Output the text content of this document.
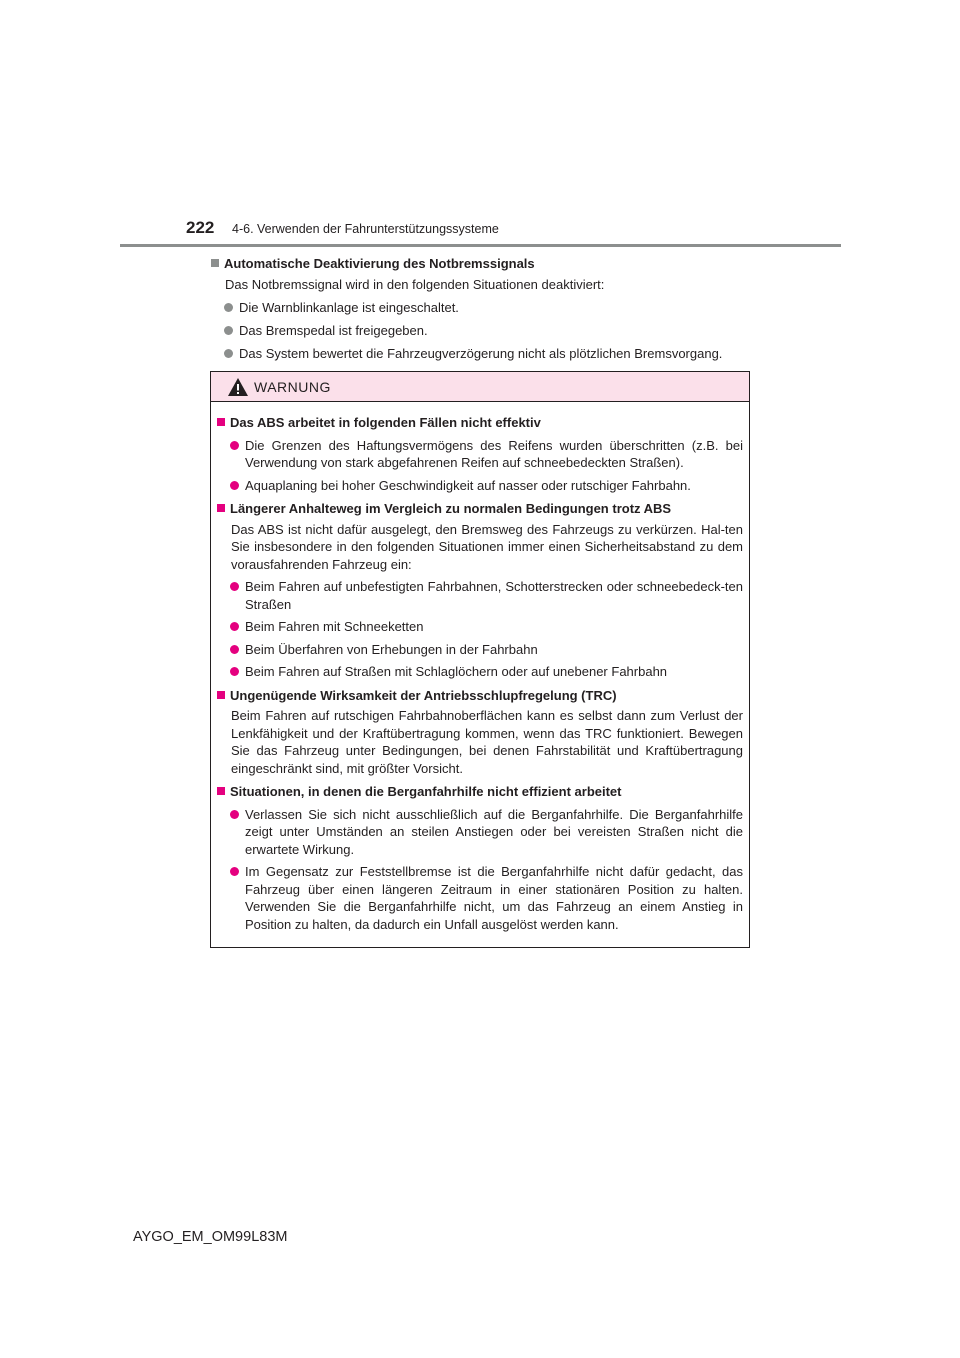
222 4-6. Verwenden der Fahrunterstützungssysteme
Automatische Deaktivierung des Notbremssignals
Das Notbremssignal wird in den folgenden Situationen deaktiviert:
Die Warnblinkanlage ist eingeschaltet.
Das Bremspedal ist freigegeben.
Das System bewertet die Fahrzeugverzögerung nicht als plötzlichen Bremsvorgang.
WARNUNG
Das ABS arbeitet in folgenden Fällen nicht effektiv
Die Grenzen des Haftungsvermögens des Reifens wurden überschritten (z.B. bei Verwendung von stark abgefahrenen Reifen auf schneebedeckten Straßen).
Aquaplaning bei hoher Geschwindigkeit auf nasser oder rutschiger Fahrbahn.
Längerer Anhalteweg im Vergleich zu normalen Bedingungen trotz ABS
Das ABS ist nicht dafür ausgelegt, den Bremsweg des Fahrzeugs zu verkürzen. Hal-ten Sie insbesondere in den folgenden Situationen immer einen Sicherheitsabstand zu dem vorausfahrenden Fahrzeug ein:
Beim Fahren auf unbefestigten Fahrbahnen, Schotterstrecken oder schneebedeck-ten Straßen
Beim Fahren mit Schneeketten
Beim Überfahren von Erhebungen in der Fahrbahn
Beim Fahren auf Straßen mit Schlaglöchern oder auf unebener Fahrbahn
Ungenügende Wirksamkeit der Antriebsschlupfregelung (TRC)
Beim Fahren auf rutschigen Fahrbahnoberflächen kann es selbst dann zum Verlust der Lenkfähigkeit und der Kraftübertragung kommen, wenn das TRC funktioniert. Bewegen Sie das Fahrzeug unter Bedingungen, bei denen Fahrstabilität und Kraftübertragung eingeschränkt sind, mit größter Vorsicht.
Situationen, in denen die Berganfahrhilfe nicht effizient arbeitet
Verlassen Sie sich nicht ausschließlich auf die Berganfahrhilfe. Die Berganfahrhilfe zeigt unter Umständen an steilen Anstiegen oder bei vereisten Straßen nicht die erwartete Wirkung.
Im Gegensatz zur Feststellbremse ist die Berganfahrhilfe nicht dafür gedacht, das Fahrzeug über einen längeren Zeitraum in einer stationären Position zu halten. Verwenden Sie die Berganfahrhilfe nicht, um das Fahrzeug an einem Anstieg in Position zu halten, da dadurch ein Unfall ausgelöst werden kann.
AYGO_EM_OM99L83M
